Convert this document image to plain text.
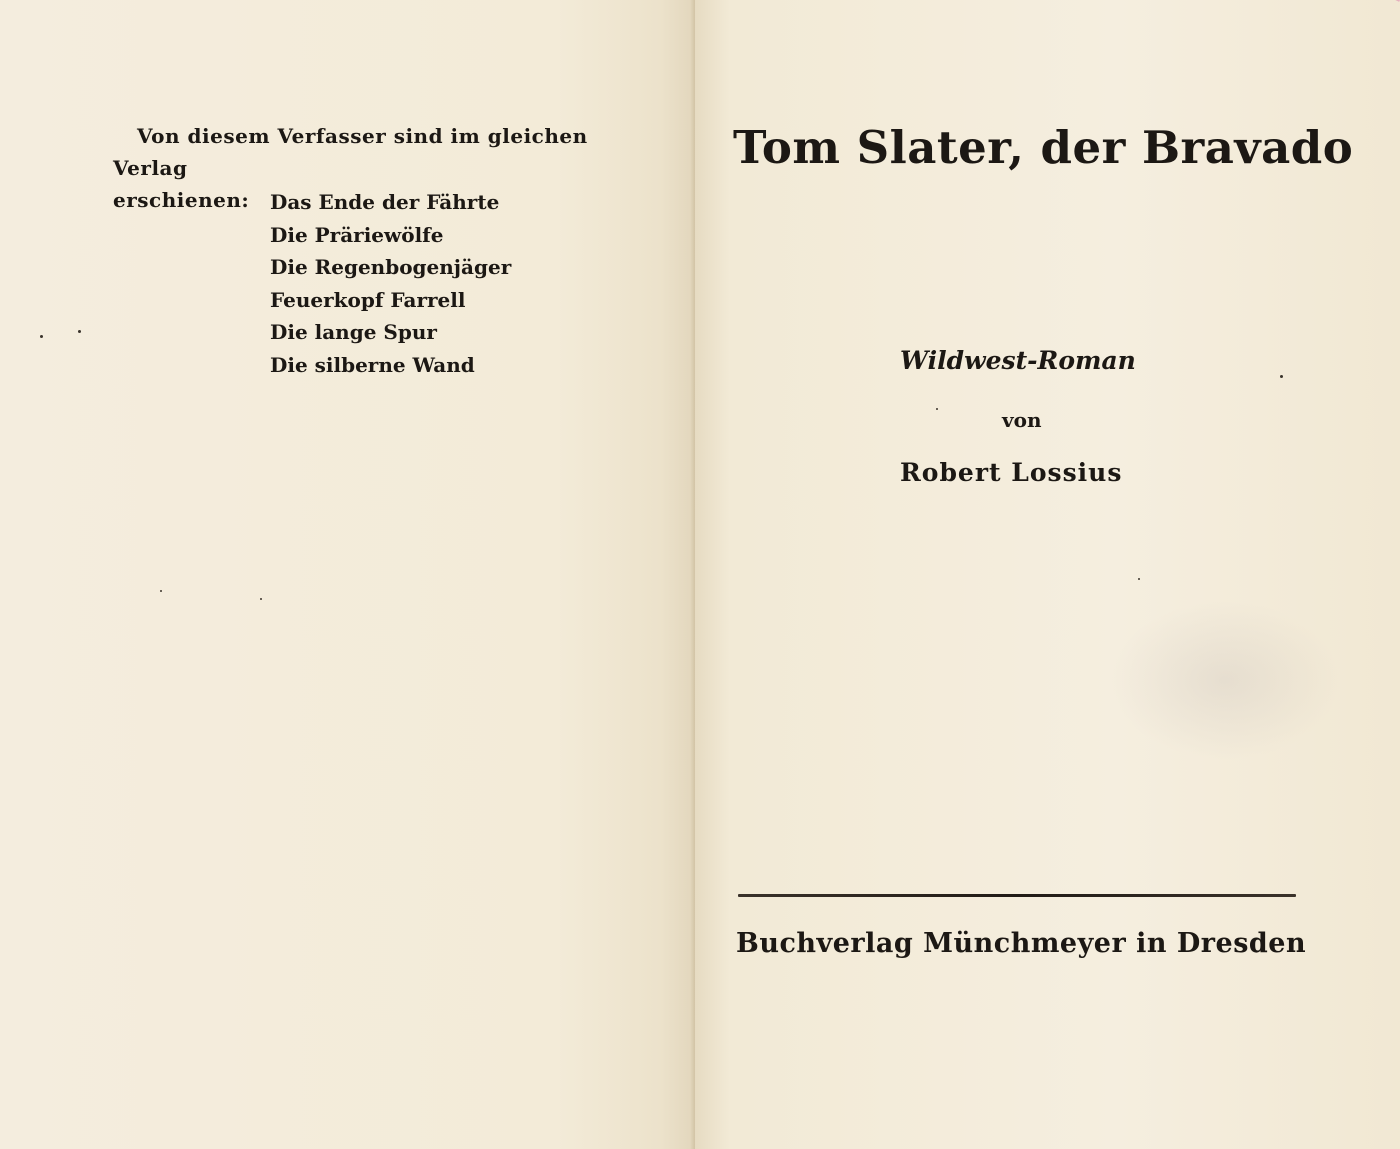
Von diesem Verfasser sind im gleichen Verlag
erschienen:	Das Ende der Fährte
Die Präriewölfe
Die Regenbogenjäger
Feuerkopf Farrell
Die lange Spur
Die silberne Wand
Tom Slater, der Bravado
Wildwest-Roman
von
Robert Lossius
Buchverlag Münchmeyer in Dresden
